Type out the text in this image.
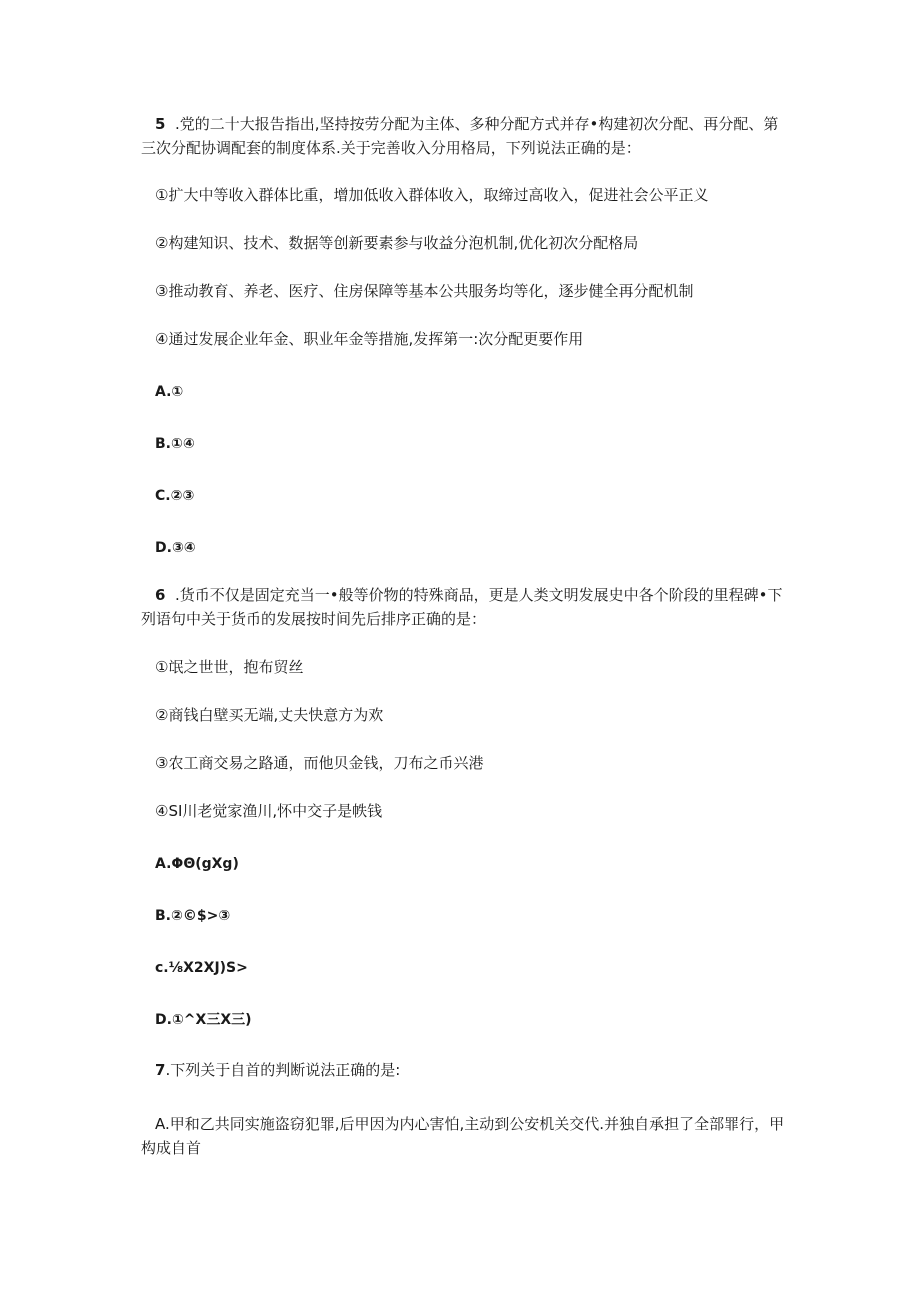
5 .党的二十大报告指出,坚持按劳分配为主体、多种分配方式并存•构建初次分配、再分配、第
三次分配协调配套的制度体系.关于完善收入分用格局，下列说法正确的是：
①扩大中等收入群体比重，增加低收入群体收入，取缔过高收入，促进社会公平正义
②构建知识、技术、数据等创新要素参与收益分泡机制,优化初次分配格局
③推动教育、养老、医疗、住房保障等基本公共服务均等化，逐步健全再分配机制
④通过发展企业年金、职业年金等措施,发挥第一:次分配更要作用
A.①
B.①④
C.②③
D.③④
6 .货币不仅是固定充当一•般等价物的特殊商品，更是人类文明发展史中各个阶段的里程碑•下
列语句中关于货币的发展按时间先后排序正确的是：
①氓之世世，抱布贸丝
②商钱白壁买无端,丈夫快意方为欢
③农工商交易之路通，而他贝金钱，刀布之币兴港
④SI川老觉家渔川,怀中交子是帙钱
A.ΦΘ(gXg)
B.②©$>③
c.⅛X2XJ)S>
D.①^X三X三)
7.下列关于自首的判断说法正确的是:
A.甲和乙共同实施盗窃犯罪,后甲因为内心害怕,主动到公安机关交代.并独自承担了全部罪行，甲
构成自首
